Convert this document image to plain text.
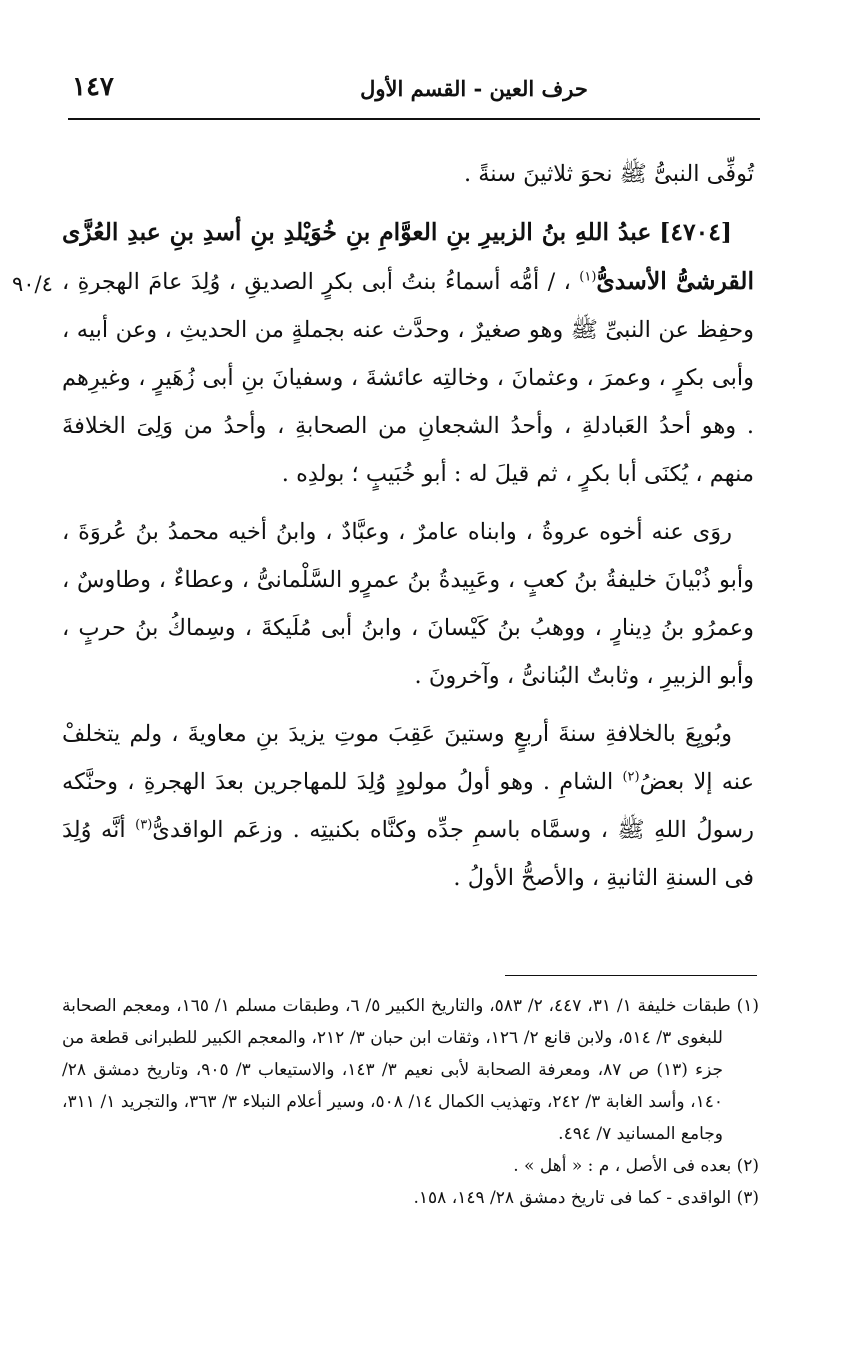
١٤٧	حرف العين - القسم الأول
٩٠/٤

تُوفِّى النبىُّ ﷺ نحوَ ثلاثينَ سنةً .

[٤٧٠٤] عبدُ اللهِ بنُ الزبيرِ بنِ العوَّامِ بنِ خُوَيْلدِ بنِ أسدِ بنِ عبدِ العُزَّى القرشىُّ الأسدىُّ$^{(١)}$ ، / أمُّه أسماءُ بنتُ أبى بكرٍ الصديقِ ، وُلِدَ عامَ الهجرةِ ، وحفِظ عن النبىِّ ﷺ وهو صغيرٌ ، وحدَّث عنه بجملةٍ من الحديثِ ، وعن أبيه ، وأبى بكرٍ ، وعمرَ ، وعثمانَ ، وخالتِه عائشةَ ، وسفيانَ بنِ أبى زُهَيرٍ ، وغيرِهم . وهو أحدُ العَبادلةِ ، وأحدُ الشجعانِ من الصحابةِ ، وأحدُ من وَلِىَ الخلافةَ منهم ، يُكنَى أبا بكرٍ ، ثم قيلَ له : أبو خُبَيبٍ ؛ بولدِه .

روَى عنه أخوه عروةُ ، وابناه عامرٌ ، وعبَّادٌ ، وابنُ أخيه محمدُ بنُ عُروَةَ ، وأبو ذُبْيانَ خليفةُ بنُ كعبٍ ، وعَبِيدةُ بنُ عمرٍو السَّلْمانىُّ ، وعطاءٌ ، وطاوسٌ ، وعمرُو بنُ دِينارٍ ، ووهبُ بنُ كَيْسانَ ، وابنُ أبى مُلَيكةَ ، وسِماكُ بنُ حربٍ ، وأبو الزبيرِ ، وثابتٌ البُنانىُّ ، وآخرونَ .

وبُويِعَ بالخلافةِ سنةَ أربعٍ وستينَ عَقِبَ موتِ يزيدَ بنِ معاويةَ ، ولم يتخلفْ عنه إلا بعضُ$^{(٢)}$ الشامِ . وهو أولُ مولودٍ وُلِدَ للمهاجرين بعدَ الهجرةِ ، وحنَّكه رسولُ اللهِ ﷺ ، وسمَّاه باسمِ جدِّه وكنَّاه بكنيتِه . وزعَم الواقدىُّ$^{(٣)}$ أنَّه وُلِدَ فى السنةِ الثانيةِ ، والأصحُّ الأولُ .

(١) طبقات خليفة ١/ ٣١، ٤٤٧، ٢/ ٥٨٣، والتاريخ الكبير ٥/ ٦، وطبقات مسلم ١/ ١٦٥، ومعجم الصحابة للبغوى ٣/ ٥١٤، ولابن قانع ٢/ ١٢٦، وثقات ابن حبان ٣/ ٢١٢، والمعجم الكبير للطبرانى قطعة من جزء (١٣) ص ٨٧، ومعرفة الصحابة لأبى نعيم ٣/ ١٤٣، والاستيعاب ٣/ ٩٠٥، وتاريخ دمشق ٢٨/ ١٤٠، وأسد الغابة ٣/ ٢٤٢، وتهذيب الكمال ١٤/ ٥٠٨، وسير أعلام النبلاء ٣/ ٣٦٣، والتجريد ١/ ٣١١، وجامع المسانيد ٧/ ٤٩٤.

(٢) بعده فى الأصل ، م : « أهل » .

(٣) الواقدى - كما فى تاريخ دمشق ٢٨/ ١٤٩، ١٥٨.
